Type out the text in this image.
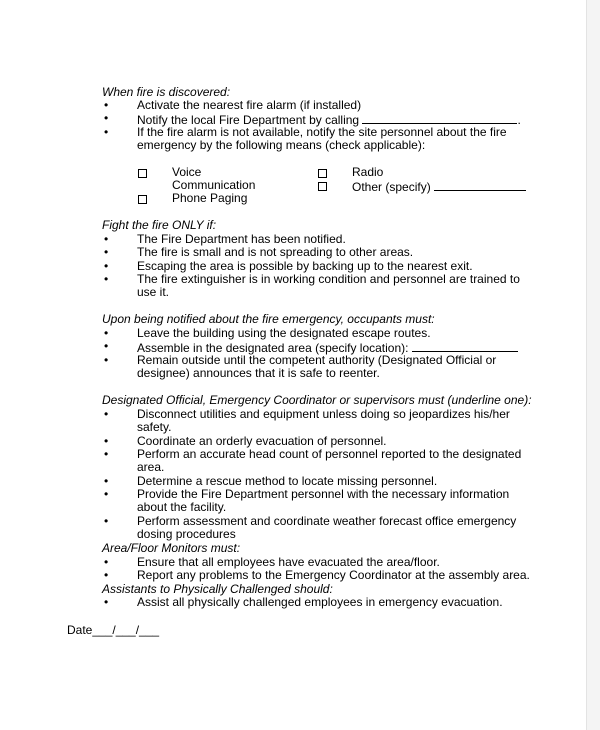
When fire is discovered:
• Activate the nearest fire alarm (if installed)
• Notify the local Fire Department by calling	.
• If the fire alarm is not available, notify the site personnel about the fire emergency by the following means (check applicable):
Voice
Communication
Phone Paging
Radio
Other (specify)
Fight the fire ONLY if:
• The Fire Department has been notified.
• The fire is small and is not spreading to other areas.
• Escaping the area is possible by backing up to the nearest exit.
• The fire extinguisher is in working condition and personnel are trained to use it.
Upon being notified about the fire emergency, occupants must:
• Leave the building using the designated escape routes.
• Assemble in the designated area (specify location):
• Remain outside until the competent authority (Designated Official or designee) announces that it is safe to reenter.
Designated Official, Emergency Coordinator or supervisors must (underline one):
• Disconnect utilities and equipment unless doing so jeopardizes his/her safety.
• Coordinate an orderly evacuation of personnel.
• Perform an accurate head count of personnel reported to the designated area.
• Determine a rescue method to locate missing personnel.
• Provide the Fire Department personnel with the necessary information about the facility.
• Perform assessment and coordinate weather forecast office emergency dosing procedures
Area/Floor Monitors must:
• Ensure that all employees have evacuated the area/floor.
• Report any problems to the Emergency Coordinator at the assembly area.
Assistants to Physically Challenged should:
• Assist all physically challenged employees in emergency evacuation.
Date___/___/___
